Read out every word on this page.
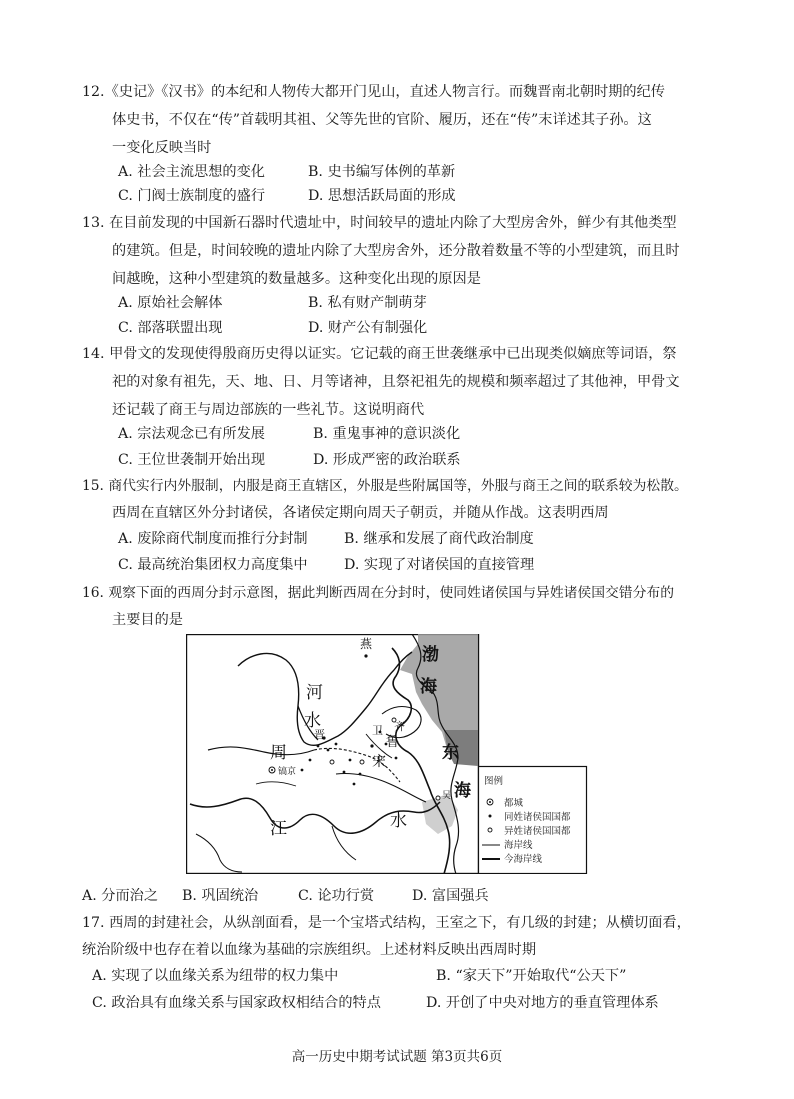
12.《史记》《汉书》的本纪和人物传大都开门见山，直述人物言行。而魏晋南北朝时期的纪传
体史书，不仅在“传”首载明其祖、父等先世的官阶、履历，还在“传”末详述其子孙。这
一变化反映当时
A. 社会主流思想的变化	B. 史书编写体例的革新
C. 门阀士族制度的盛行	D. 思想活跃局面的形成
13. 在目前发现的中国新石器时代遗址中，时间较早的遗址内除了大型房舍外，鲜少有其他类型
的建筑。但是，时间较晚的遗址内除了大型房舍外，还分散着数量不等的小型建筑，而且时
间越晚，这种小型建筑的数量越多。这种变化出现的原因是
A. 原始社会解体	B. 私有财产制萌芽
C. 部落联盟出现	D. 财产公有制强化
14. 甲骨文的发现使得殷商历史得以证实。它记载的商王世袭继承中已出现类似嫡庶等词语，祭
祀的对象有祖先，天、地、日、月等诸神，且祭祀祖先的规模和频率超过了其他神，甲骨文
还记载了商王与周边部族的一些礼节。这说明商代
A. 宗法观念已有所发展	B. 重鬼事神的意识淡化
C. 王位世袭制开始出现	D. 形成严密的政治联系
15. 商代实行内外服制，内服是商王直辖区，外服是些附属国等，外服与商王之间的联系较为松散。
西周在直辖区外分封诸侯，各诸侯定期向周天子朝贡，并随从作战。这表明西周
A. 废除商代制度而推行分封制	B. 继承和发展了商代政治制度
C. 最高统治集团权力高度集中	D. 实现了对诸侯国的直接管理
16. 观察下面的西周分封示意图，据此判断西周在分封时，使同姓诸侯国与异姓诸侯国交错分布的
主要目的是
燕
渤
海
河
水	卫 齐
晋
鲁
周
镐京
宋	东
海
吴
江	水
图例
都城
同姓诸侯国国都
异姓诸侯国国都
海岸线
今海岸线
A. 分而治之 B. 巩固统治	C. 论功行赏	D. 富国强兵
17. 西周的封建社会，从纵剖面看，是一个宝塔式结构，王室之下，有几级的封建；从横切面看，
统治阶级中也存在着以血缘为基础的宗族组织。上述材料反映出西周时期
A. 实现了以血缘关系为纽带的权力集中	B. “家天下”开始取代“公天下”
C. 政治具有血缘关系与国家政权相结合的特点	D. 开创了中央对地方的垂直管理体系
高一历史中期考试试题 第3页共6页
